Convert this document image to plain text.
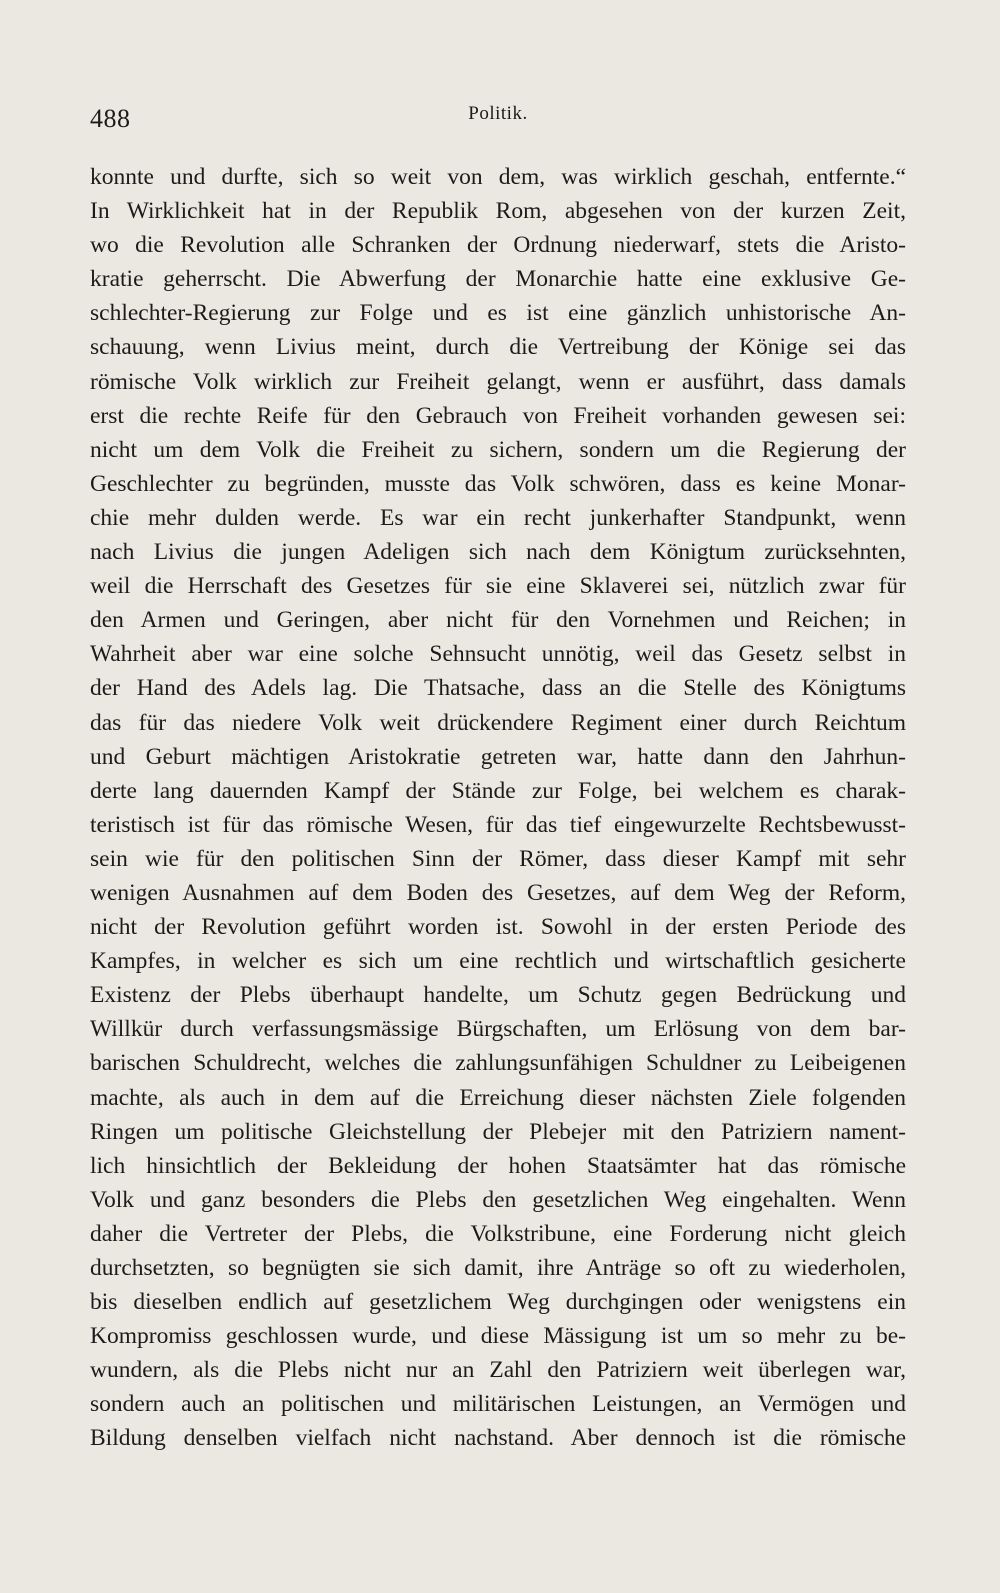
488	Politik.
konnte und durfte, sich so weit von dem, was wirklich geschah, entfernte.“
In Wirklichkeit hat in der Republik Rom, abgesehen von der kurzen Zeit,
wo die Revolution alle Schranken der Ordnung niederwarf, stets die Aristo-
kratie geherrscht. Die Abwerfung der Monarchie hatte eine exklusive Ge-
schlechter-Regierung zur Folge und es ist eine gänzlich unhistorische An-
schauung, wenn Livius meint, durch die Vertreibung der Könige sei das
römische Volk wirklich zur Freiheit gelangt, wenn er ausführt, dass damals
erst die rechte Reife für den Gebrauch von Freiheit vorhanden gewesen sei:
nicht um dem Volk die Freiheit zu sichern, sondern um die Regierung der
Geschlechter zu begründen, musste das Volk schwören, dass es keine Monar-
chie mehr dulden werde. Es war ein recht junkerhafter Standpunkt, wenn
nach Livius die jungen Adeligen sich nach dem Königtum zurücksehnten,
weil die Herrschaft des Gesetzes für sie eine Sklaverei sei, nützlich zwar für
den Armen und Geringen, aber nicht für den Vornehmen und Reichen; in
Wahrheit aber war eine solche Sehnsucht unnötig, weil das Gesetz selbst in
der Hand des Adels lag. Die Thatsache, dass an die Stelle des Königtums
das für das niedere Volk weit drückendere Regiment einer durch Reichtum
und Geburt mächtigen Aristokratie getreten war, hatte dann den Jahrhun-
derte lang dauernden Kampf der Stände zur Folge, bei welchem es charak-
teristisch ist für das römische Wesen, für das tief eingewurzelte Rechtsbewusst-
sein wie für den politischen Sinn der Römer, dass dieser Kampf mit sehr
wenigen Ausnahmen auf dem Boden des Gesetzes, auf dem Weg der Reform,
nicht der Revolution geführt worden ist. Sowohl in der ersten Periode des
Kampfes, in welcher es sich um eine rechtlich und wirtschaftlich gesicherte
Existenz der Plebs überhaupt handelte, um Schutz gegen Bedrückung und
Willkür durch verfassungsmässige Bürgschaften, um Erlösung von dem bar-
barischen Schuldrecht, welches die zahlungsunfähigen Schuldner zu Leibeigenen
machte, als auch in dem auf die Erreichung dieser nächsten Ziele folgenden
Ringen um politische Gleichstellung der Plebejer mit den Patriziern nament-
lich hinsichtlich der Bekleidung der hohen Staatsämter hat das römische
Volk und ganz besonders die Plebs den gesetzlichen Weg eingehalten. Wenn
daher die Vertreter der Plebs, die Volkstribune, eine Forderung nicht gleich
durchsetzten, so begnügten sie sich damit, ihre Anträge so oft zu wiederholen,
bis dieselben endlich auf gesetzlichem Weg durchgingen oder wenigstens ein
Kompromiss geschlossen wurde, und diese Mässigung ist um so mehr zu be-
wundern, als die Plebs nicht nur an Zahl den Patriziern weit überlegen war,
sondern auch an politischen und militärischen Leistungen, an Vermögen und
Bildung denselben vielfach nicht nachstand. Aber dennoch ist die römische
